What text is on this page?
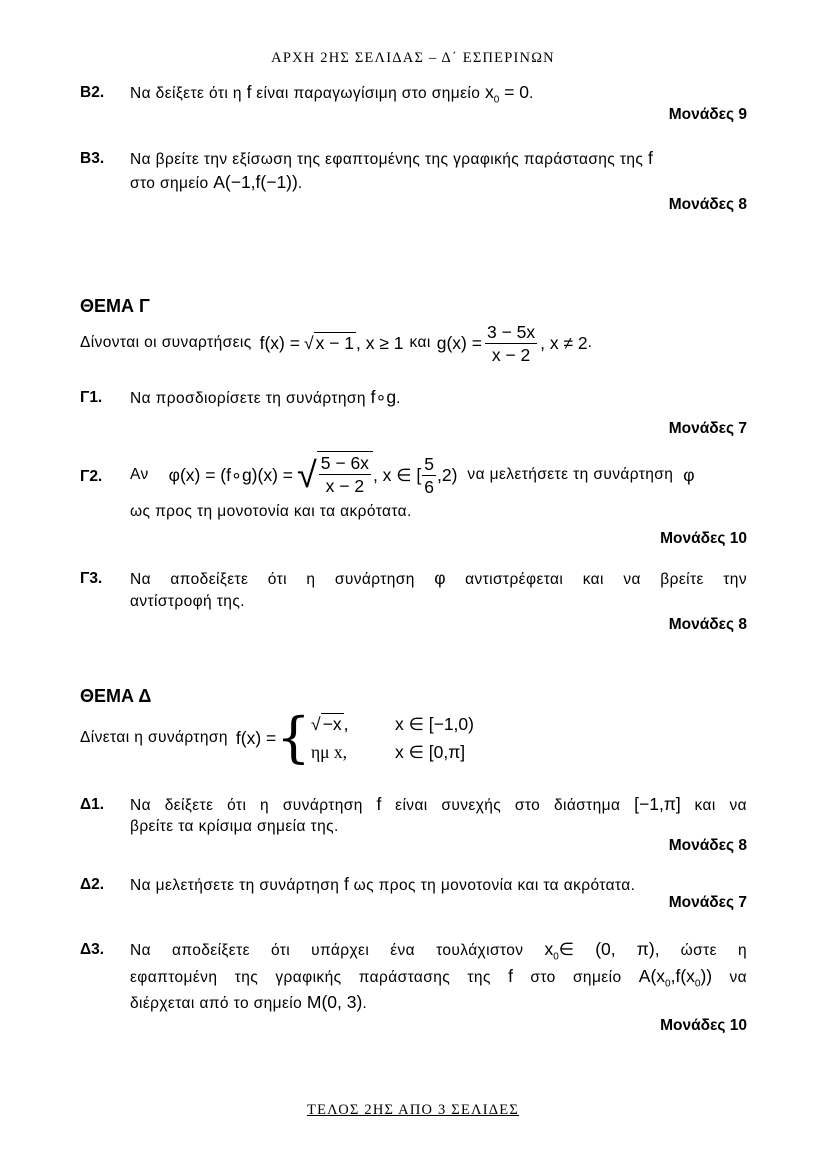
ΑΡΧΗ 2ΗΣ ΣΕΛΙΔΑΣ – Δ΄ ΕΣΠΕΡΙΝΩΝ
Β2. Να δείξετε ότι η f είναι παραγωγίσιμη στο σημείο $x_0 = 0$.
Μονάδες 9
Β3. Να βρείτε την εξίσωση της εφαπτομένης της γραφικής παράστασης της f
στο σημείο Α(−1,f(−1)).
Μονάδες 8
ΘΕΜΑ Γ
Δίνονται οι συναρτήσεις f(x) = √ x − 1 , x ≥ 1 και $g(x) = \frac{3 - 5x}{x - 2}$ , x ≠ 2 .
Γ1. Να προσδιορίσετε τη συνάρτηση f∘g.
Μονάδες 7
Γ2. Αν φ(x) = (f∘g)(x) = √ $\frac{5 - 6x}{x - 2}$ , x ∈ [ $\frac{5}{6} ,2$) να μελετήσετε τη συνάρτηση φ
ως προς τη μονοτονία και τα ακρότατα.
Μονάδες 10
Γ3. Να αποδείξετε ότι η συνάρτηση φ αντιστρέφεται και να βρείτε την
αντίστροφή της.
Μονάδες 8
ΘΕΜΑ Δ
Δίνεται η συνάρτηση f(x) = { √ −x ,	x ∈ [−1,0)
ημ x,	x ∈ [0,π]
Δ1. Να δείξετε ότι η συνάρτηση f είναι συνεχής στο διάστημα [−1,π] και να
βρείτε τα κρίσιμα σημεία της.
Μονάδες 8
Δ2. Να μελετήσετε τη συνάρτηση f ως προς τη μονοτονία και τα ακρότατα.
Μονάδες 7
Δ3. Να αποδείξετε ότι υπάρχει ένα τουλάχιστον $x_0\in$ (0, π), ώστε η
εφαπτομένη της γραφικής παράστασης της f στο σημείο $A(x_0,f(x_0))$ να
διέρχεται από το σημείο Μ(0, 3).
Μονάδες 10
ΤΕΛΟΣ 2ΗΣ ΑΠΟ 3 ΣΕΛΙΔΕΣ
